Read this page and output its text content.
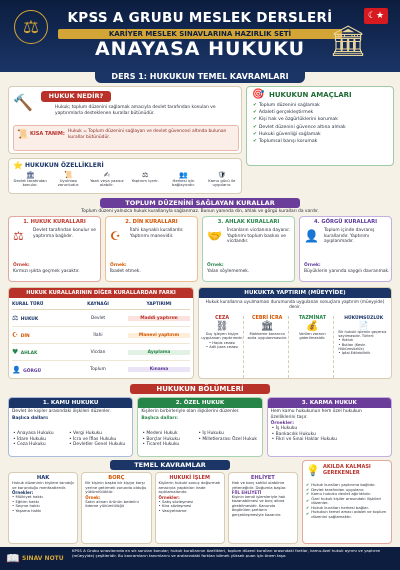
⚖	KPSS A GRUBU MESLEK DERSLERİ
KARİYER MESLEK SINAVLARINA HAZIRLIK SETİ
ANAYASA HUKUKU 🏛
☾★
DERS 1: HUKUKUN TEMEL KAVRAMLARI
🔨	HUKUK NEDİR?
Hukuk; toplum düzenini sağlamak amacıyla devlet tarafından konulan ve yaptırımlarla desteklenen kurallar bütünüdür.
📜 KISA TANIM: Hukuk = Toplum düzenini sağlayan ve devlet güvencesi altında bulunan kurallar bütünüdür.
🎯 HUKUKUN AMAÇLARI
✔ Toplum düzenini sağlamak
✔ Adaleti gerçekleştirmek
✔ Kişi hak ve özgürlüklerini korumak
✔ Devlet düzenini güvence altına almak
✔ Hukuki güvenliği sağlamak
✔ Toplumsal barışı korumak
⭐ HUKUKUN ÖZELLİKLERİ
🏛
Devlet tarafından konulur.
📜
Uyulması zorunludur.
✍
Yazılı veya yazısız olabilir.
⚖
Yaptırım içerir.
👥
Herkesi için bağlayıcıdır.
🛡
Kamu gücü ile uygulanır.
TOPLUM DÜZENİNİ SAĞLAYAN KURALLAR
Toplum düzeni yalnızca hukuk kurallarıyla sağlanmaz. Bunun yanında din, ahlak ve görgü kuralları da vardır.
1. HUKUK KURALLARI
⚖ Devlet tarafından konulur ve yaptırıma bağlıdır.
Örnek:
Kırmızı ışıkta geçmek yasaktır.
2. DİN KURALLARI
☪ İlahi kaynaklı kurallardır. Yaptırımı manevidir.
Örnek:
İbadet etmek.
3. AHLAK KURALLARI
🤝 İnsanların vicdanına dayanır. Yaptırımı toplum baskısı ve vicdandır.
Örnek:
Yalan söylememek.
4. GÖRGÜ KURALLARI
👤 Toplum içinde davranış kurallarıdır. Yaptırımı ayıplanmadır.
Örnek:
Büyüklerin yanında saygılı davranmak.
HUKUK KURALLARININ DİĞER KURALLARDAN FARKI
KURAL TÜRÜ	KAYNAĞI	YAPTIRIMI
⚖ HUKUK	Devlet	Maddi yaptırım
☪ DİN	İlahi	Manevi yaptırım
♥ AHLAK	Vicdan	Ayıplama
👤 GÖRGÜ	Toplum	Kınama
HUKUKTA YAPTIRIM (MÜEYYİDE)
Hukuk kurallarına uyulmaması durumunda uygulanan sonuçlara yaptırım (müeyyide) denir.
CEZA
⛓
Suç işleyen kişiye uygulanan yaptırımdır.
• Hapis cezası
• Adli para cezası
CEBRİ İCRA
🏛
Mahkeme kararının zorla uygulanmasıdır.
TAZMİNAT
💰
Verilen zararın giderilmesidir.
HÜKÜMSÜZLÜK
📄
Bir hukuki işlemin geçersiz sayılmasıdır. Türleri:
• Yokluk
• Butlan (Kesin Hükümsüzlük)
• İptal Edilebilirlik
HUKUKUN BÖLÜMLERİ
1. KAMU HUKUKU
Devlet ile kişiler arasındaki ilişkileri düzenler.
Başlıca dalları:
• Anayasa Hukuku
• İdare Hukuku
• Ceza Hukuku
• Vergi Hukuku
• İcra ve İflas Hukuku
• Devletler Genel Hukuku
2. ÖZEL HUKUK
Kişilerin birbirleriyle olan ilişkilerini düzenler.
Başlıca dalları:
• Medeni Hukuk
• Borçlar Hukuku
• Ticaret Hukuku
• İş Hukuku
• Milletlerarası Özel Hukuk
3. KARMA HUKUK
Hem kamu hukukunun hem özel hukukun özelliklerini taşır.
Örnekler:
• İş Hukuku
• Bankacılık Hukuku
• Fikri ve Sınai Haklar Hukuku
TEMEL KAVRAMLAR
HAK
Hukuk düzeninin kişilere tanıdığı ve korunduğu menfaatlerdir.
Örnekler:
• Mülkiyet hakkı
• Eğitim hakkı
• Seçme hakkı
• Yaşama hakkı
BORÇ
Bir kişinin başka bir kişiye karşı yerine getirmek zorunda olduğu yükümlülüktür.
Örnek:
Satın alınan ürünün bedelini ödeme yükümlülüğü
HUKUKİ İŞLEM
Kişilerin hukuki sonuç doğurmak amacıyla yaptıkları irade açıklamalarıdır.
Örnekler:
• Satış sözleşmesi
• Kira sözleşmesi
• Vasiyetname
EHLİYET
Hak ve borç sahibi olabilme yeteneğidir. Doğumla başlar.
FİİL EHLİYETİ
Kişinin kendi işlemleriyle hak kazanabilmesi ve borç altına girebilmesidir. Kanunda öngörülen şartların gerçekleşmesiyle kazanılır.
💡 AKILDA KALMASI GEREKENLER
✔ Hukuk kuralları yaptırıma bağlıdır.
✔ Devlet tarafından uygulanır.
✔ Kamu hukuku devlet ağırlıklıdır.
✔ Özel hukuk kişiler arasındaki ilişkileri düzenler.
✔ Hukuk kuralları herkesi bağlar.
✔ Hukukun temel amacı adalet ve toplum düzenini sağlamaktır.
📖 SINAV NOTU
KPSS A Grubu sınavlarında en sık sorulan konular; hukuk kurallarının özellikleri, toplum düzeni kuralları arasındaki farklar, kamu-özel hukuk ayrımı ve yaptırım (müeyyide) çeşitleridir. Bu kavramların tanımlarını ve aralarındaki farkları bilmek yüksek puan için önem taşır.
